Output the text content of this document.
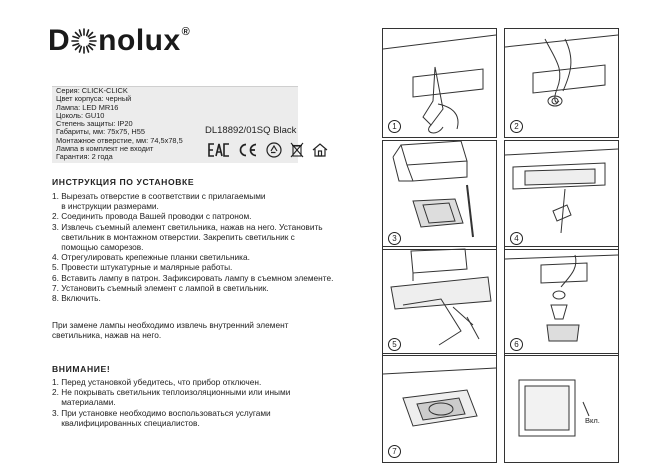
D nolux ®
Серия: CLICK-CLICK
Цвет корпуса: черный
Лампа: LED MR16
Цоколь: GU10
Степень защиты: IP20
Габариты, мм: 75х75, Н55
Монтажное отверстие, мм: 74,5х78,5
Лампа в комплект не входит
Гарантия: 2 года
DL18892/01SQ Black
ИНСТРУКЦИЯ ПО УСТАНОВКЕ
1. Вырезать отверстие в соответствии с прилагаемыми
в инструкции размерами.
2. Соединить провода Вашей проводки с патроном.
3. Извлечь съемный алемент светильника, нажав на него. Установить
светильник в монтажном отверстии. Закрепить светильник с
помощью саморезов.
4. Отрегулировать крепежные планки светильника.
5. Провести штукатурные и малярные работы.
6. Вставить лампу в патрон. Зафиксировать лампу в съемном элементе.
7. Установить съемный элемент с лампой в светильник.
8. Включить.
При замене лампы необходимо извлечь внутренний элемент
светильника, нажав на него.
ВНИМАНИЕ!
1. Перед установкой убедитесь, что прибор отключен.
2. Не покрывать светильник теплоизоляционными или иными
материалами.
3. При установке необходимо воспользоваться услугами
квалифицированных специалистов.
1	2
3	4
5	6
7
Вкл.
